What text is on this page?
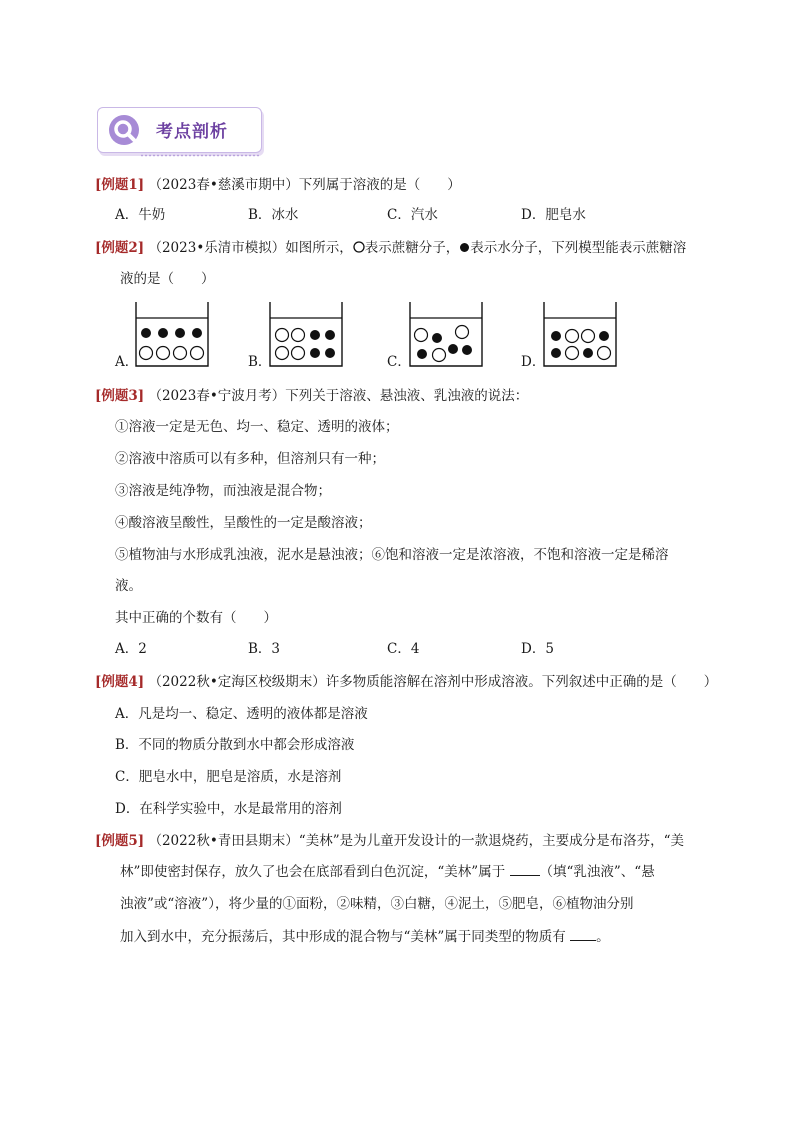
考点剖析
[例题1] （2023春•慈溪市期中）下列属于溶液的是（　　）
A．牛奶	B．冰水	C．汽水	D．肥皂水
[例题2] （2023•乐清市模拟）如图所示， 表示蔗糖分子， 表示水分子，下列模型能表示蔗糖溶
液的是（　　）
A．	B．	C．	D．
[例题3] （2023春•宁波月考）下列关于溶液、悬浊液、乳浊液的说法：
①溶液一定是无色、均一、稳定、透明的液体；
②溶液中溶质可以有多种，但溶剂只有一种；
③溶液是纯净物，而浊液是混合物；
④酸溶液呈酸性，呈酸性的一定是酸溶液；
⑤植物油与水形成乳浊液，泥水是悬浊液；⑥饱和溶液一定是浓溶液，不饱和溶液一定是稀溶
液。
其中正确的个数有（　　）
A．2	B．3	C．4	D．5
[例题4] （2022秋•定海区校级期末）许多物质能溶解在溶剂中形成溶液。下列叙述中正确的是（　　）
A．凡是均一、稳定、透明的液体都是溶液
B．不同的物质分散到水中都会形成溶液
C．肥皂水中，肥皂是溶质，水是溶剂
D．在科学实验中，水是最常用的溶剂
[例题5] （2022秋•青田县期末）“美林”是为儿童开发设计的一款退烧药，主要成分是布洛芬，“美
林”即使密封保存，放久了也会在底部看到白色沉淀，“美林”属于 （填“乳浊液”、“悬
浊液”或“溶液”），将少量的①面粉，②味精，③白糖，④泥土，⑤肥皂，⑥植物油分别
加入到水中，充分振荡后，其中形成的混合物与“美林”属于同类型的物质有 。
